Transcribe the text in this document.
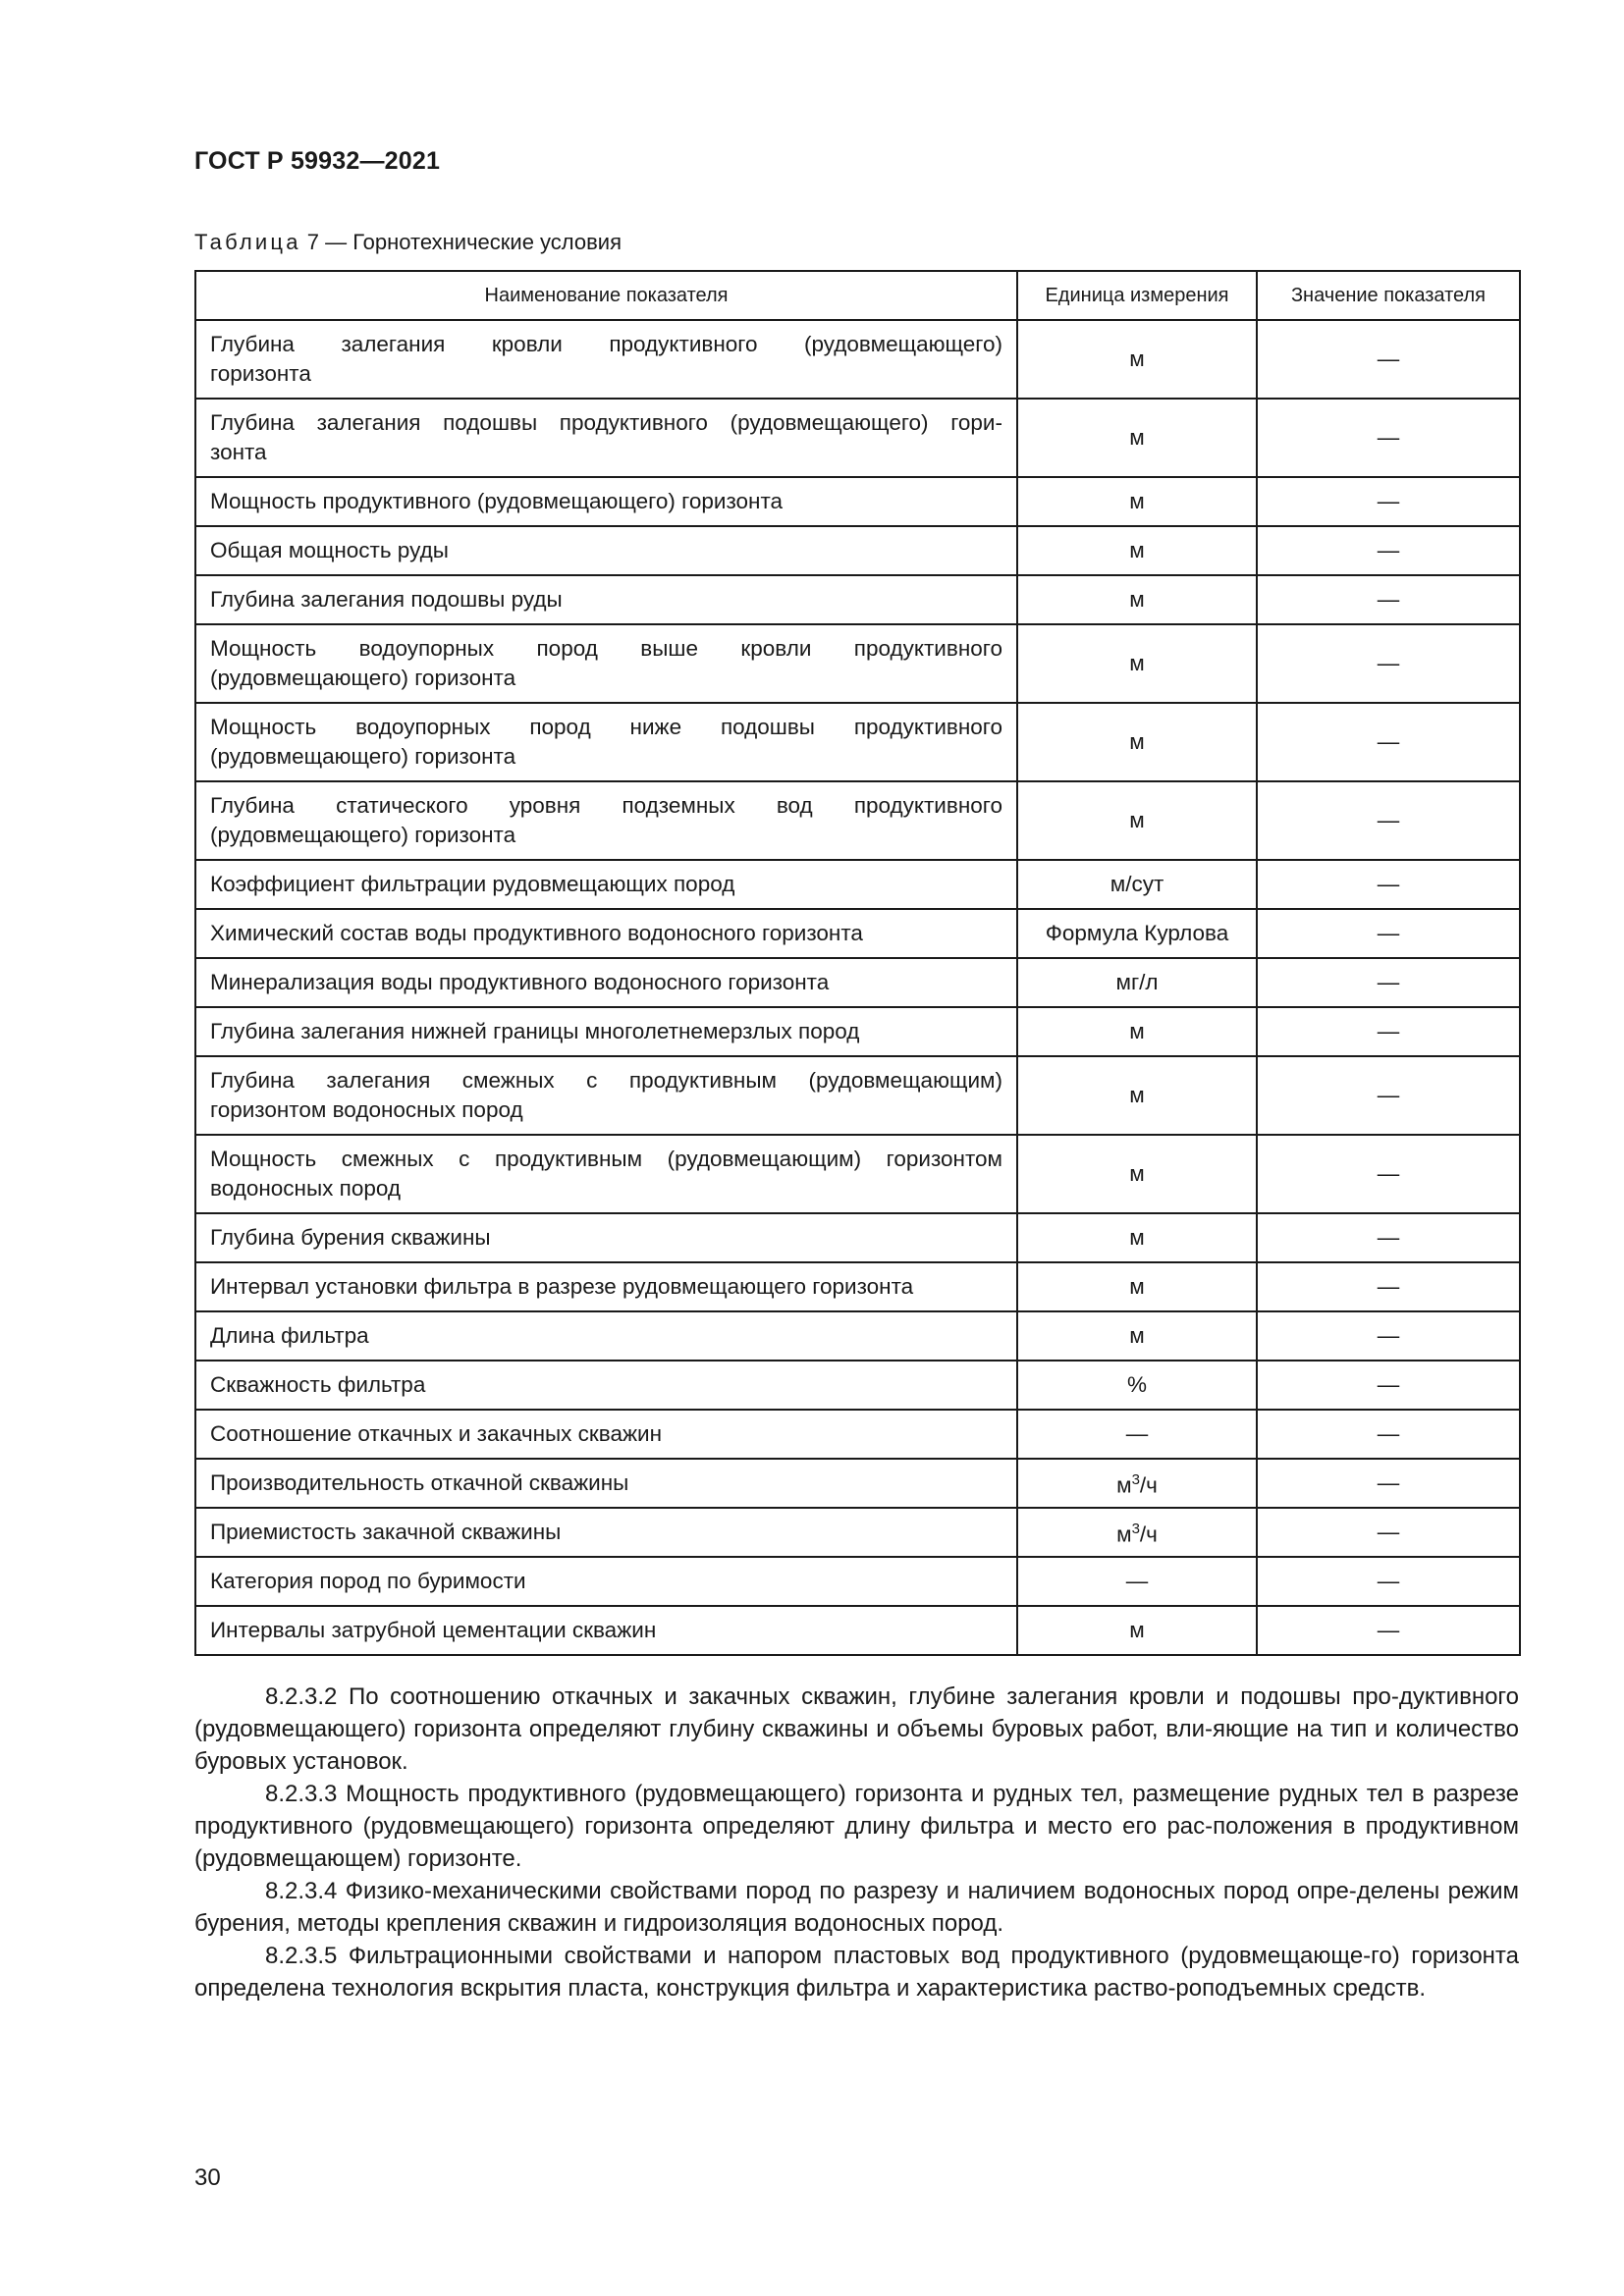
ГОСТ Р 59932—2021
Таблица 7 — Горнотехнические условия
Наименование показателя	Единица измерения	Значение показателя

Глубина залегания кровли продуктивного (рудовмещающего)
горизонта	м	—

Глубина залегания подошвы продуктивного (рудовмещающего) гори-
зонта	м	—
Мощность продуктивного (рудовмещающего) горизонта	м	—
Общая мощность руды	м	—
Глубина залегания подошвы руды	м	—

Мощность водоупорных пород выше кровли продуктивного
(рудовмещающего) горизонта	м	—

Мощность водоупорных пород ниже подошвы продуктивного
(рудовмещающего) горизонта	м	—

Глубина статического уровня подземных вод продуктивного
(рудовмещающего) горизонта	м	—
Коэффициент фильтрации рудовмещающих пород	м/сут	—
Химический состав воды продуктивного водоносного горизонта	Формула Курлова	—
Минерализация воды продуктивного водоносного горизонта	мг/л	—
Глубина залегания нижней границы многолетнемерзлых пород	м	—

Глубина залегания смежных с продуктивным (рудовмещающим)
горизонтом водоносных пород	м	—

Мощность смежных с продуктивным (рудовмещающим) горизонтом
водоносных пород	м	—
Глубина бурения скважины	м	—
Интервал установки фильтра в разрезе рудовмещающего горизонта	м	—
Длина фильтра	м	—
Скважность фильтра	%	—
Соотношение откачных и закачных скважин	—	—
Производительность откачной скважины	$м^3/ч$	—
Приемистость закачной скважины	$м^3/ч$	—
Категория пород по буримости	—	—
Интервалы затрубной цементации скважин	м	—

8.2.3.2 По соотношению откачных и закачных скважин, глубине залегания кровли и подошвы про-дуктивного (рудовмещающего) горизонта определяют глубину скважины и объемы буровых работ, вли-яющие на тип и количество буровых установок.

8.2.3.3 Мощность продуктивного (рудовмещающего) горизонта и рудных тел, размещение рудных тел в разрезе продуктивного (рудовмещающего) горизонта определяют длину фильтра и место его рас-положения в продуктивном (рудовмещающем) горизонте.

8.2.3.4 Физико-механическими свойствами пород по разрезу и наличием водоносных пород опре-делены режим бурения, методы крепления скважин и гидроизоляция водоносных пород.

8.2.3.5 Фильтрационными свойствами и напором пластовых вод продуктивного (рудовмещающе-го) горизонта определена технология вскрытия пласта, конструкция фильтра и характеристика раство-роподъемных средств.

30
